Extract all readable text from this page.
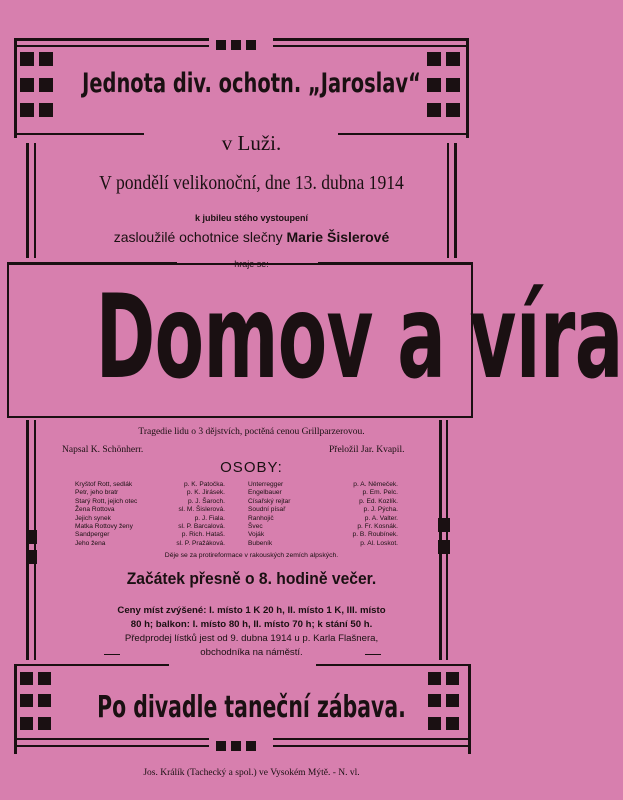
Jednota div. ochotn. „Jaroslav“
v Luži.
V pondělí velikonoční, dne 13. dubna 1914
k jubileu stého vystoupení
zasloužilé ochotnice slečny Marie Šislerové
hraje se:
Domov a víra
Tragedie lidu o 3 dějstvích, poctěná cenou Grillparzerovou.
Napsal K. Schönherr.	Přeložil Jar. Kvapil.
OSOBY:
Kryštof Rott, sedlák	p. K. Patočka.
Petr, jeho bratr	p. K. Jirásek.
Starý Rott, jejich otec	p. J. Šaroch.
Žena Rottova	sl. M. Šislerová.
Jejich synek	p. J. Fiala.
Matka Rottovy ženy	sl. P. Barcalová.
Sandperger	p. Rich. Hataš.
Jeho žena	sl. P. Pražáková.
Unterregger	p. A. Němeček.
Engelbauer	p. Em. Pelc.
Císařský rejtar	p. Ed. Kozlík.
Soudní písař	p. J. Pýcha.
Ranhojič	p. A. Valter.
Švec	p. Fr. Kosnák.
Voják	p. B. Roubínek.
Bubeník	p. Al. Loskot.
Děje se za protireformace v rakouských zemích alpských.
Začátek přesně o 8. hodině večer.
Ceny míst zvýšené: I. místo 1 K 20 h, II. místo 1 K, III. místo
80 h; balkon: I. místo 80 h, II. místo 70 h; k stání 50 h.
Předprodej lístků jest od 9. dubna 1914 u p. Karla Flašnera,
obchodníka na náměstí.
Po divadle taneční zábava.
Jos. Králík (Tachecký a spol.) ve Vysokém Mýtě. - N. vl.
